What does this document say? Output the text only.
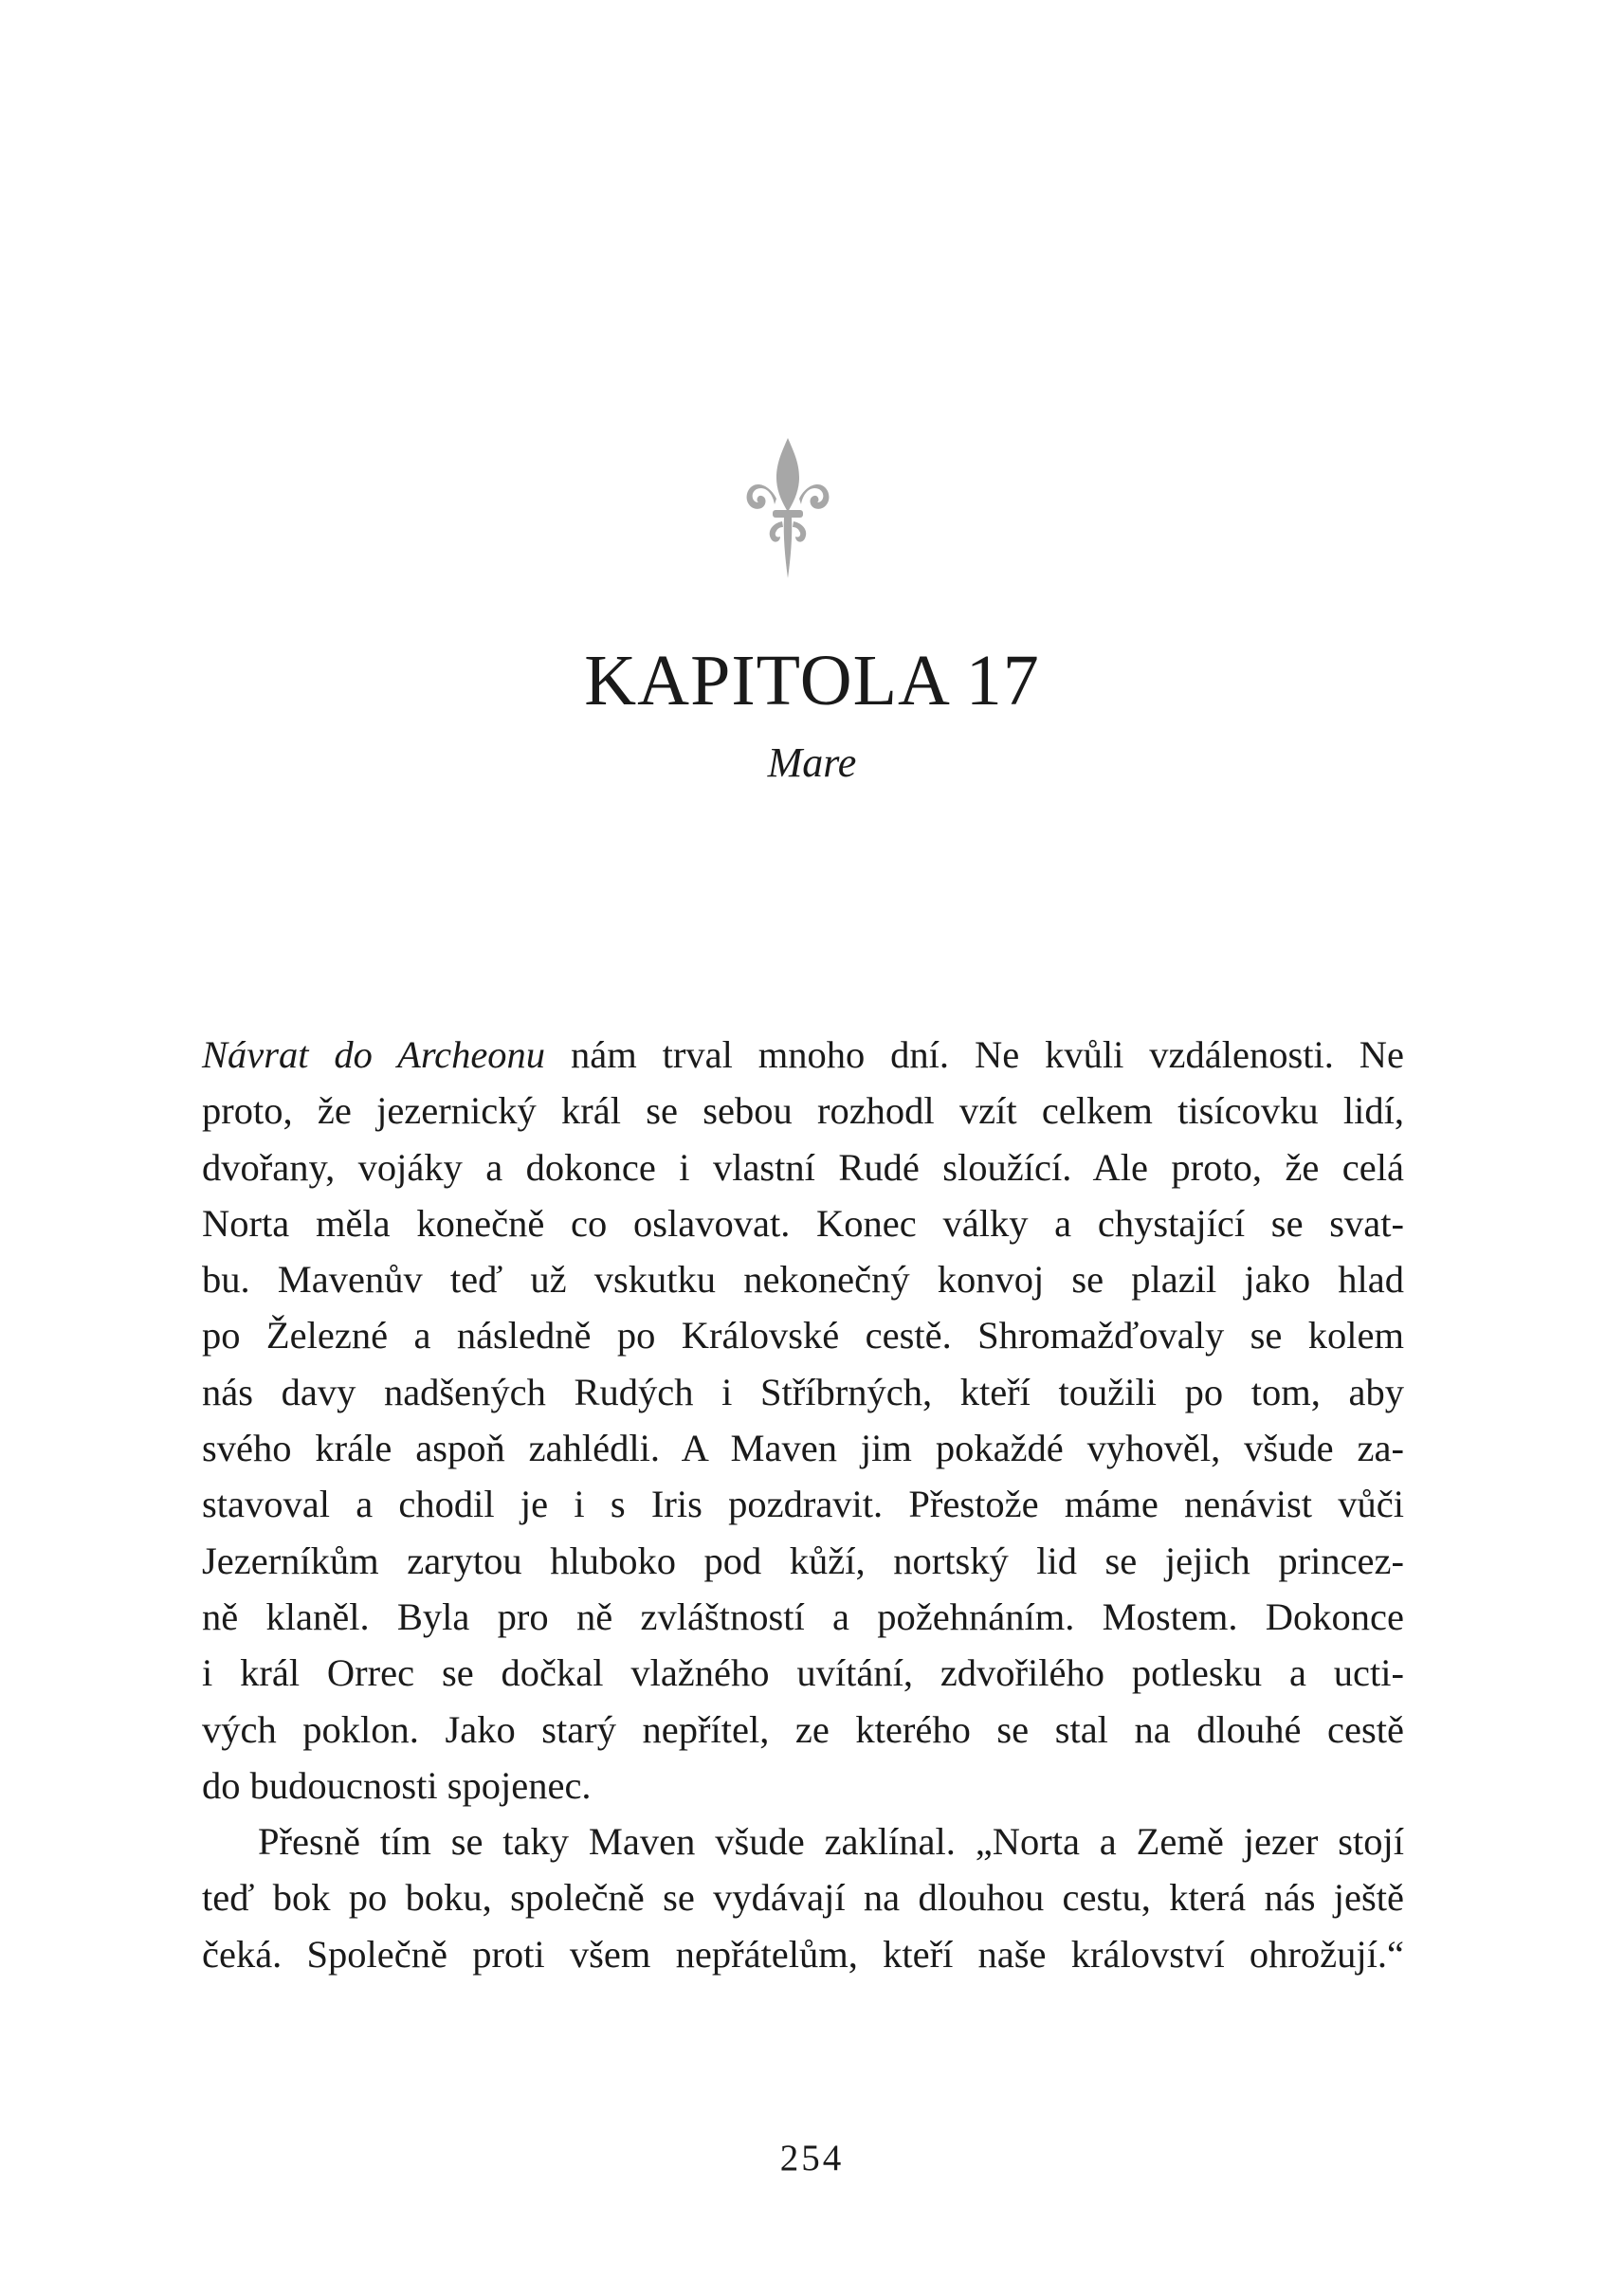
KAPITOLA 17
Mare
Návrat do Archeonu nám trval mnoho dní. Ne kvůli vzdálenosti. Ne
proto, že jezernický král se sebou rozhodl vzít celkem tisícovku lidí,
dvořany, vojáky a dokonce i vlastní Rudé sloužící. Ale proto, že celá
Norta měla konečně co oslavovat. Konec války a chystající se svat-
bu. Mavenův teď už vskutku nekonečný konvoj se plazil jako hlad
po Železné a následně po Královské cestě. Shromažďovaly se kolem
nás davy nadšených Rudých i Stříbrných, kteří toužili po tom, aby
svého krále aspoň zahlédli. A Maven jim pokaždé vyhověl, všude za-
stavoval a chodil je i s Iris pozdravit. Přestože máme nenávist vůči
Jezerníkům zarytou hluboko pod kůží, nortský lid se jejich princez-
ně klaněl. Byla pro ně zvláštností a požehnáním. Mostem. Dokonce
i král Orrec se dočkal vlažného uvítání, zdvořilého potlesku a ucti-
vých poklon. Jako starý nepřítel, ze kterého se stal na dlouhé cestě
do budoucnosti spojenec.
Přesně tím se taky Maven všude zaklínal. „Norta a Země jezer stojí
teď bok po boku, společně se vydávají na dlouhou cestu, která nás ještě
čeká. Společně proti všem nepřátelům, kteří naše království ohrožují.“
254
